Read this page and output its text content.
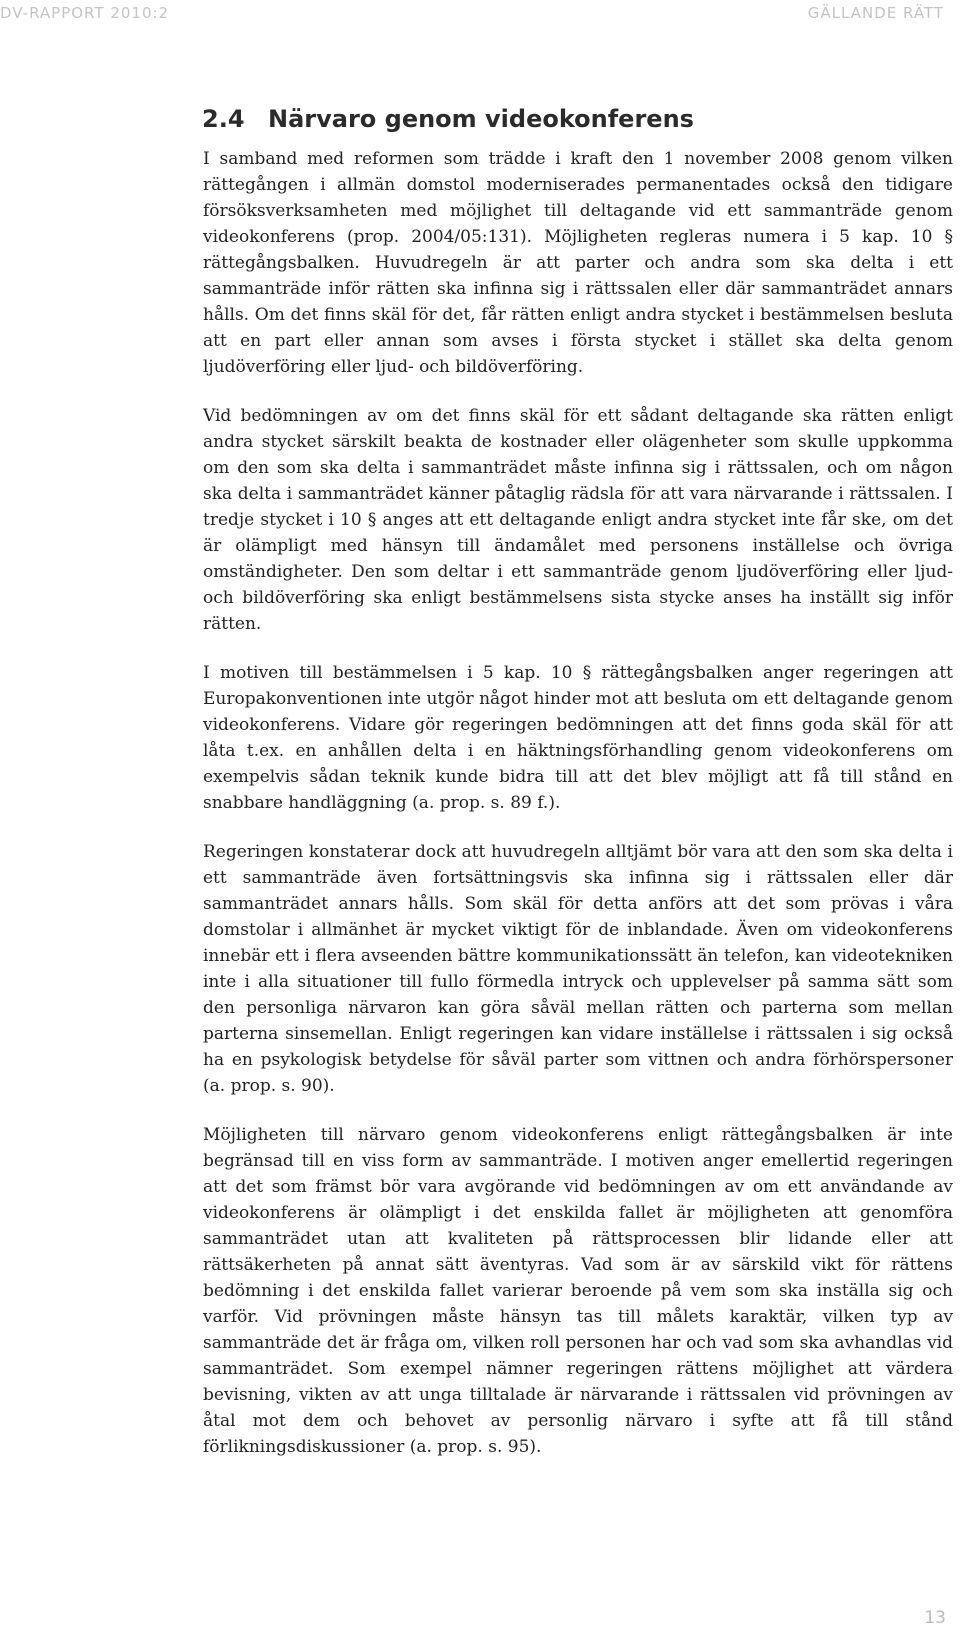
DV-RAPPORT 2010:2	GÄLLANDE RÄTT
2.4 Närvaro genom videokonferens

I samband med reformen som trädde i kraft den 1 november 2008 genom vilken rättegången i allmän domstol moderniserades permanentades också den tidigare försöksverksamheten med möjlighet till deltagande vid ett sammanträde genom videokonferens (prop. 2004/05:131). Möjligheten regleras numera i 5 kap. 10 § rättegångsbalken. Huvudregeln är att parter och andra som ska delta i ett sammanträde inför rätten ska infinna sig i rättssalen eller där sammanträdet annars hålls. Om det finns skäl för det, får rätten enligt andra stycket i bestämmelsen besluta att en part eller annan som avses i första stycket i stället ska delta genom ljudöverföring eller ljud- och bildöverföring.

Vid bedömningen av om det finns skäl för ett sådant deltagande ska rätten enligt andra stycket särskilt beakta de kostnader eller olägenheter som skulle uppkomma om den som ska delta i sammanträdet måste infinna sig i rättssalen, och om någon ska delta i sammanträdet känner påtaglig rädsla för att vara närvarande i rättssalen. I tredje stycket i 10 § anges att ett deltagande enligt andra stycket inte får ske, om det är olämpligt med hänsyn till ändamålet med personens inställelse och övriga omständigheter. Den som deltar i ett sammanträde genom ljudöverföring eller ljud- och bildöverföring ska enligt bestämmelsens sista stycke anses ha inställt sig inför rätten.

I motiven till bestämmelsen i 5 kap. 10 § rättegångsbalken anger regeringen att Europakonventionen inte utgör något hinder mot att besluta om ett deltagande genom videokonferens. Vidare gör regeringen bedömningen att det finns goda skäl för att låta t.ex. en anhållen delta i en häktningsförhandling genom videokonferens om exempelvis sådan teknik kunde bidra till att det blev möjligt att få till stånd en snabbare handläggning (a. prop. s. 89 f.).

Regeringen konstaterar dock att huvudregeln alltjämt bör vara att den som ska delta i ett sammanträde även fortsättningsvis ska infinna sig i rättssalen eller där sammanträdet annars hålls. Som skäl för detta anförs att det som prövas i våra domstolar i allmänhet är mycket viktigt för de inblandade. Även om videokonferens innebär ett i flera avseenden bättre kommunikationssätt än telefon, kan videotekniken inte i alla situationer till fullo förmedla intryck och upplevelser på samma sätt som den personliga närvaron kan göra såväl mellan rätten och parterna som mellan parterna sinsemellan. Enligt regeringen kan vidare inställelse i rättssalen i sig också ha en psykologisk betydelse för såväl parter som vittnen och andra förhörspersoner (a. prop. s. 90).

Möjligheten till närvaro genom videokonferens enligt rättegångsbalken är inte begränsad till en viss form av sammanträde. I motiven anger emellertid regeringen att det som främst bör vara avgörande vid bedömningen av om ett användande av videokonferens är olämpligt i det enskilda fallet är möjligheten att genomföra sammanträdet utan att kvaliteten på rättsprocessen blir lidande eller att rättsäkerheten på annat sätt äventyras. Vad som är av särskild vikt för rättens bedömning i det enskilda fallet varierar beroende på vem som ska inställa sig och varför. Vid prövningen måste hänsyn tas till målets karaktär, vilken typ av sammanträde det är fråga om, vilken roll personen har och vad som ska avhandlas vid sammanträdet. Som exempel nämner regeringen rättens möjlighet att värdera bevisning, vikten av att unga tilltalade är närvarande i rättssalen vid prövningen av åtal mot dem och behovet av personlig närvaro i syfte att få till stånd förlikningsdiskussioner (a. prop. s. 95).

13
